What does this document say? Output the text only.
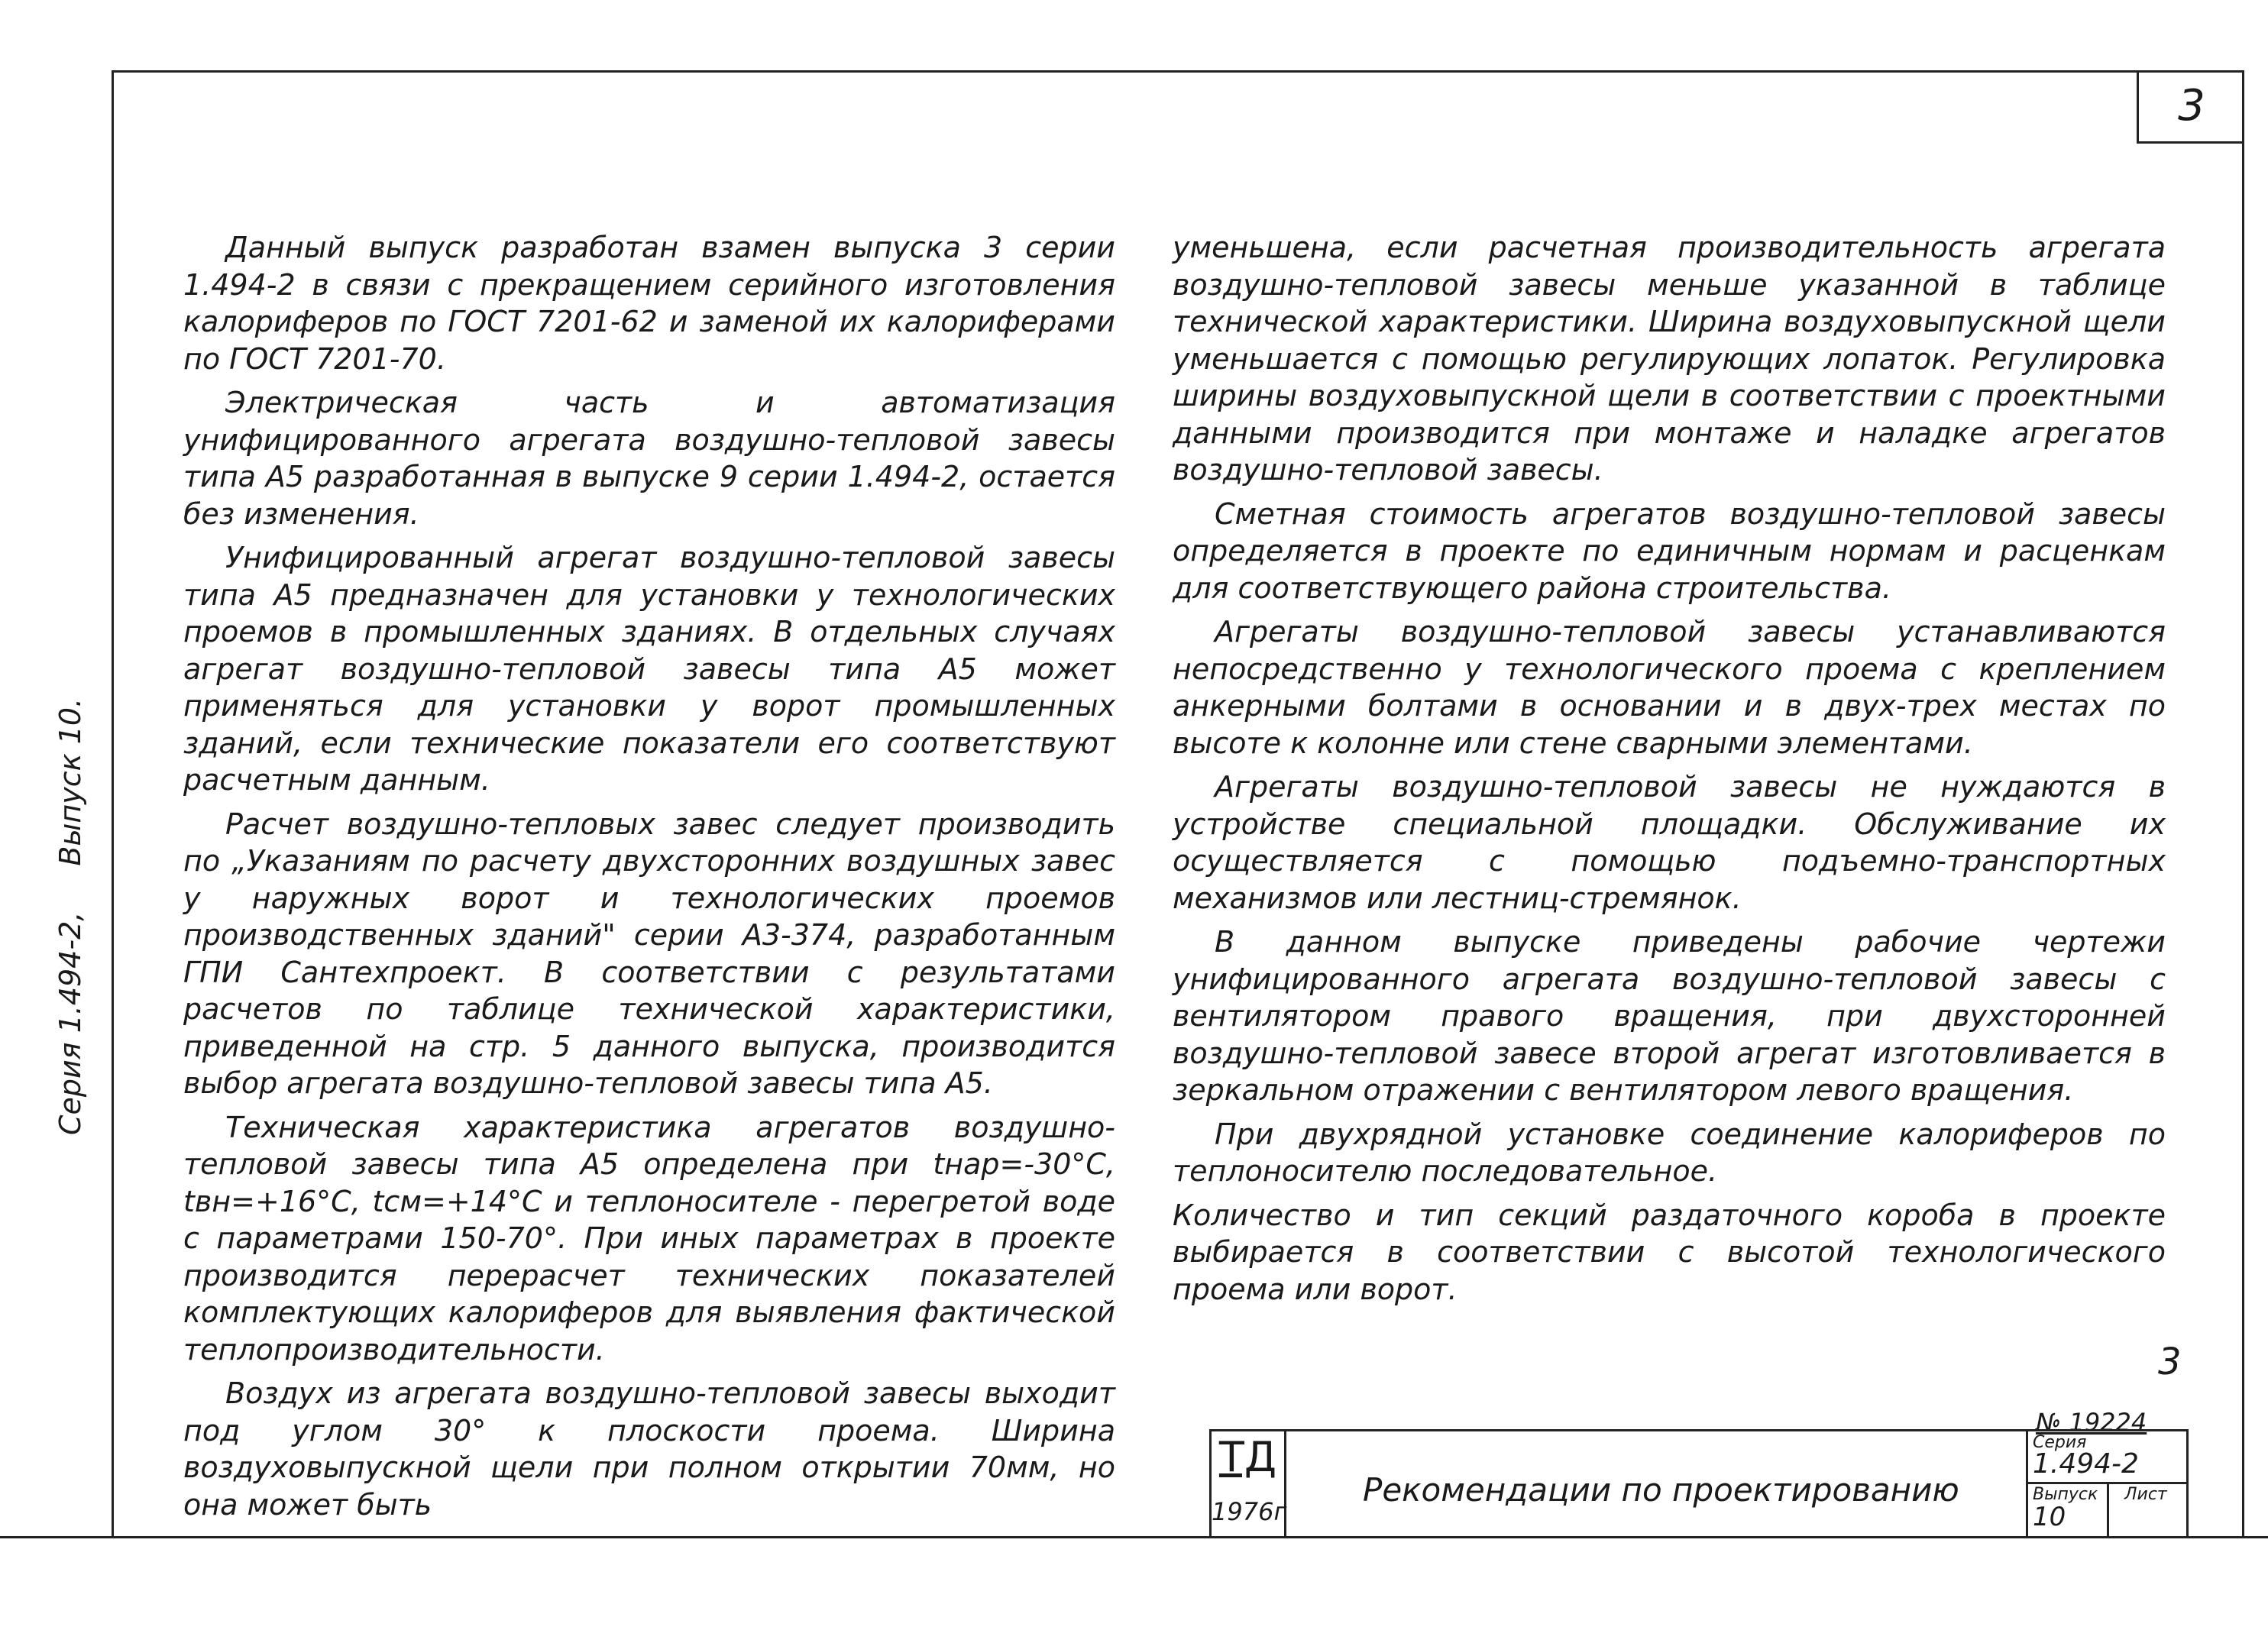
3
Серия 1.494-2,
Выпуск 10.

Данный выпуск разработан взамен выпуска 3 серии 1.494-2 в связи с прекращением серийного изготовления калориферов по ГОСТ 7201-62 и заменой их калориферами по ГОСТ 7201-70.

Электрическая часть и автоматизация унифицированного агрегата воздушно-тепловой завесы типа А5 разработанная в выпуске 9 серии 1.494-2, остается без изменения.

Унифицированный агрегат воздушно-тепловой завесы типа А5 предназначен для установки у технологических проемов в промышленных зданиях. В отдельных случаях агрегат воздушно-тепловой завесы типа А5 может применяться для установки у ворот промышленных зданий, если технические показатели его соответствуют расчетным данным.

Расчет воздушно-тепловых завес следует производить по „Указаниям по расчету двухсторонних воздушных завес у наружных ворот и технологических проемов производственных зданий" серии А3-374, разработанным ГПИ Сантехпроект. В соответствии с результатами расчетов по таблице технической характеристики, приведенной на стр. 5 данного выпуска, производится выбор агрегата воздушно-тепловой завесы типа А5.

Техническая характеристика агрегатов воздушно-тепловой завесы типа А5 определена при tнар=-30°С, tвн=+16°С, tсм=+14°С и теплоносителе - перегретой воде с параметрами 150-70°. При иных параметрах в проекте производится перерасчет технических показателей комплектующих калориферов для выявления фактической теплопроизводительности.

Воздух из агрегата воздушно-тепловой завесы выходит под углом 30° к плоскости проема. Ширина воздуховыпускной щели при полном открытии 70мм, но она может быть

уменьшена, если расчетная производительность агрегата воздушно-тепловой завесы меньше указанной в таблице технической характеристики. Ширина воздуховыпускной щели уменьшается с помощью регулирующих лопаток. Регулировка ширины воздуховыпускной щели в соответствии с проектными данными производится при монтаже и наладке агрегатов воздушно-тепловой завесы.

Сметная стоимость агрегатов воздушно-тепловой завесы определяется в проекте по единичным нормам и расценкам для соответствующего района строительства.

Агрегаты воздушно-тепловой завесы устанавливаются непосредственно у технологического проема с креплением анкерными болтами в основании и в двух-трех местах по высоте к колонне или стене сварными элементами.

Агрегаты воздушно-тепловой завесы не нуждаются в устройстве специальной площадки. Обслуживание их осуществляется с помощью подъемно-транспортных механизмов или лестниц-стремянок.

В данном выпуске приведены рабочие чертежи унифицированного агрегата воздушно-тепловой завесы с вентилятором правого вращения, при двухсторонней воздушно-тепловой завесе второй агрегат изготовливается в зеркальном отражении с вентилятором левого вращения.

При двухрядной установке соединение калориферов по теплоносителю последовательное.

Количество и тип секций раздаточного короба в проекте выбирается в соответствии с высотой технологического проема или ворот.

3
№ 19224
ТД
1976г
Рекомендации по проектированию
Серия
1.494-2
Выпуск
10
Лист
